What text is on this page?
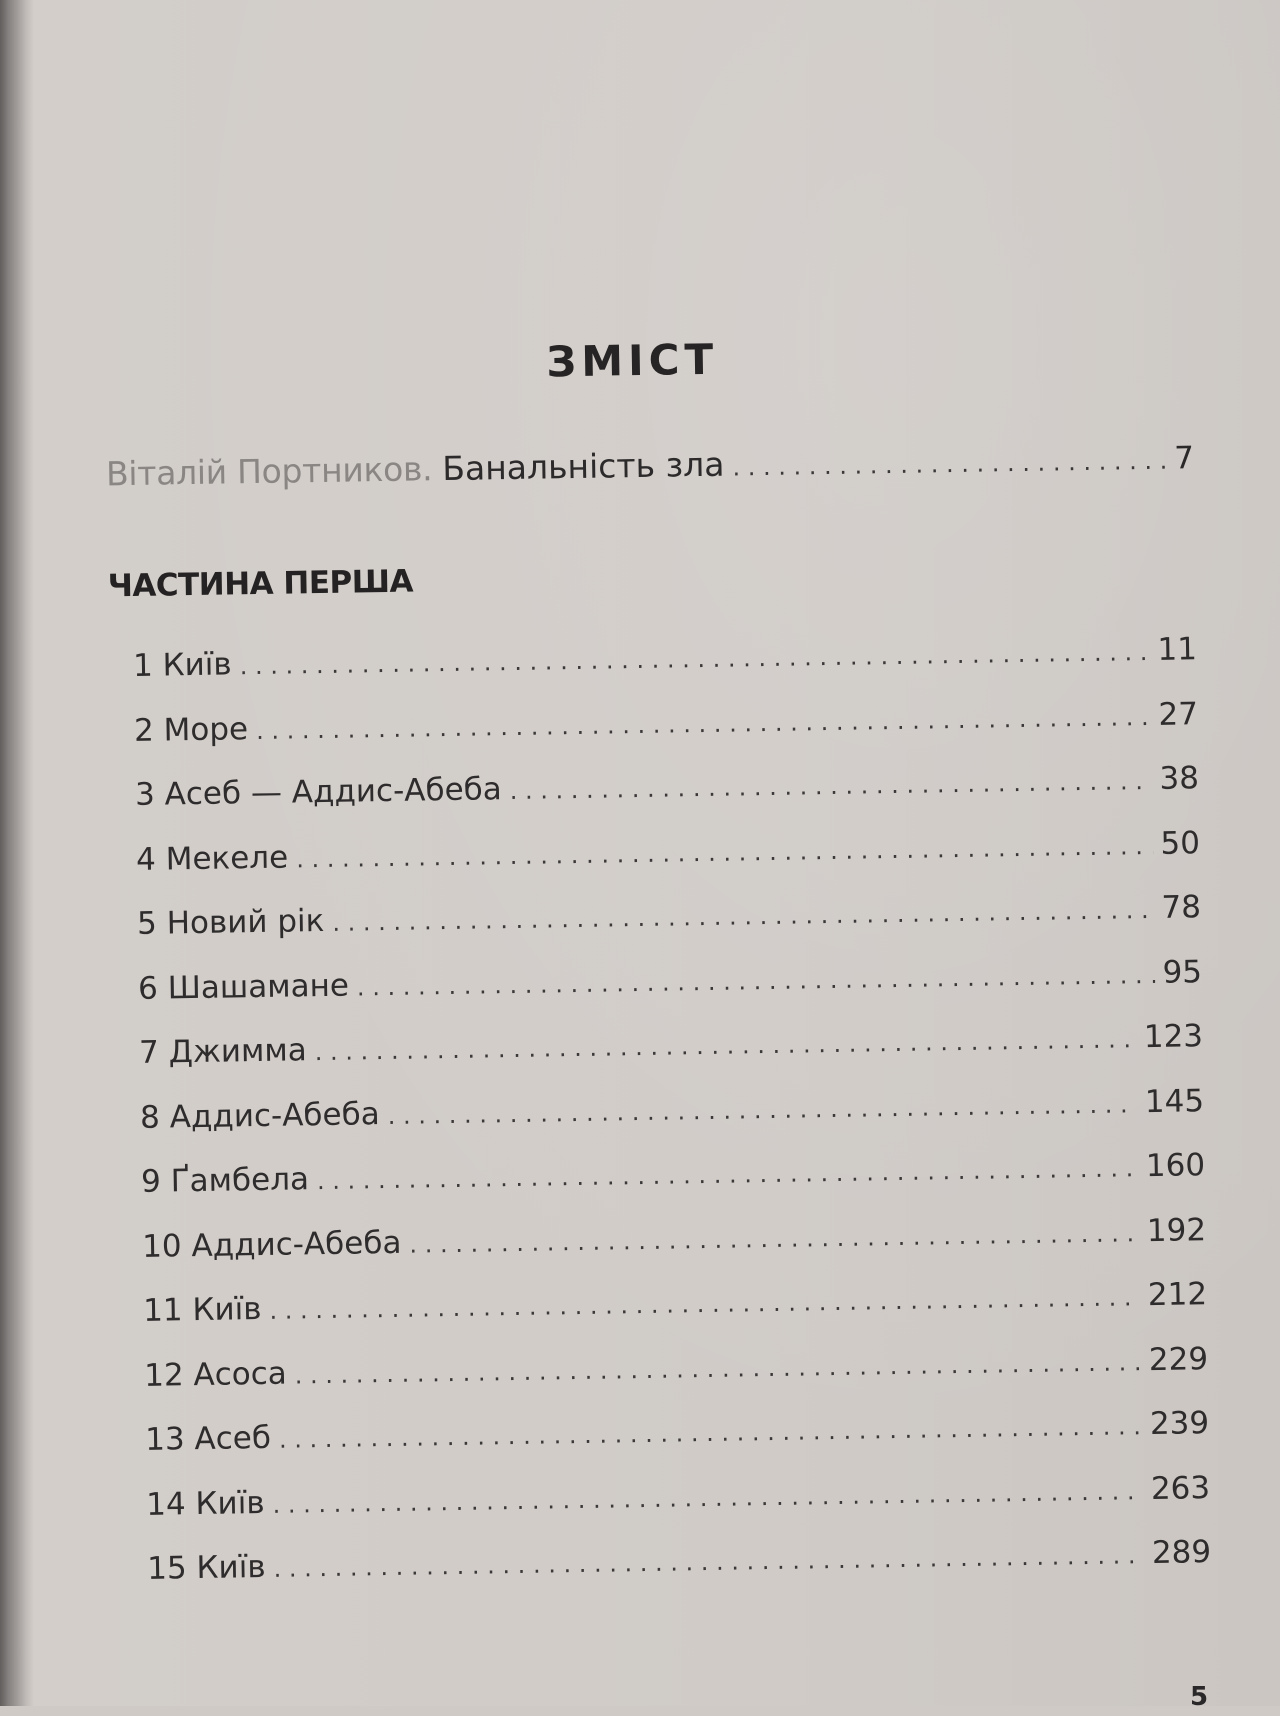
ЗМІСТ
Віталій Портников. Банальність зла . . .	7
ЧАСТИНА ПЕРША
1 Київ . . .	11
2 Море . . .	27
3 Асеб — Аддис-Абеба . . .	38
4 Мекеле . . .	50
5 Новий рік . . .	78
6 Шашамане . . .	95
7 Джимма . . .	123
8 Аддис-Абеба . . .	145
9 Ґамбела . . .	160
10 Аддис-Абеба . . .	192
11 Київ . . .	212
12 Асоса . . .	229
13 Асеб . . .	239
14 Київ . . .	263
15 Київ . . .	289
5
